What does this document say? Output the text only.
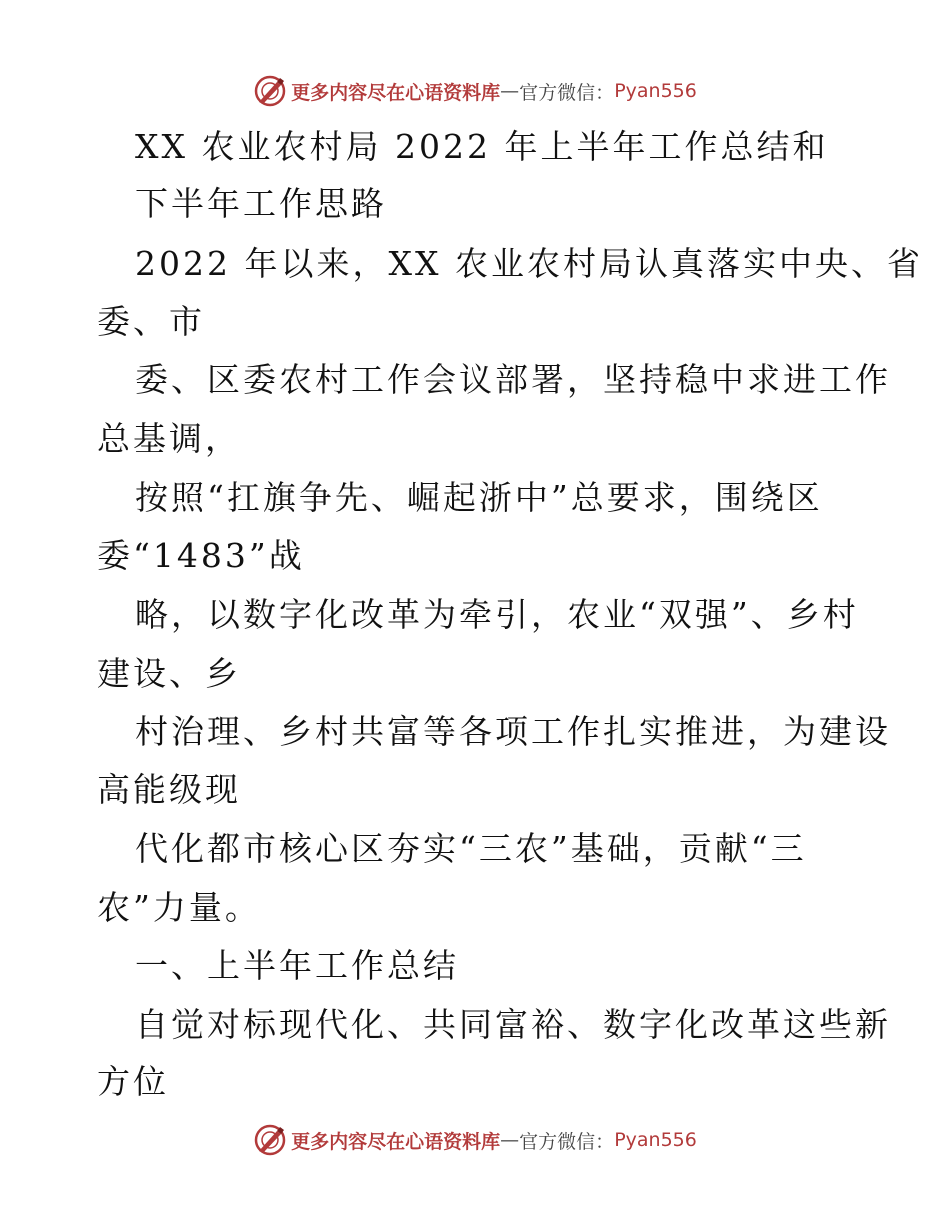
更多内容尽在心语资料库 — 官方微信： Pyan556
XX 农业农村局 2022 年上半年工作总结和
下半年工作思路
2022 年以来，XX 农业农村局认真落实中央、省
委、市
委、区委农村工作会议部署，坚持稳中求进工作
总基调，
按照“扛旗争先、崛起浙中”总要求，围绕区
委“1483”战
略，以数字化改革为牵引，农业“双强”、乡村
建设、乡
村治理、乡村共富等各项工作扎实推进，为建设
高能级现
代化都市核心区夯实“三农”基础，贡献“三
农”力量。
一、上半年工作总结
自觉对标现代化、共同富裕、数字化改革这些新
方位
更多内容尽在心语资料库 — 官方微信： Pyan556
